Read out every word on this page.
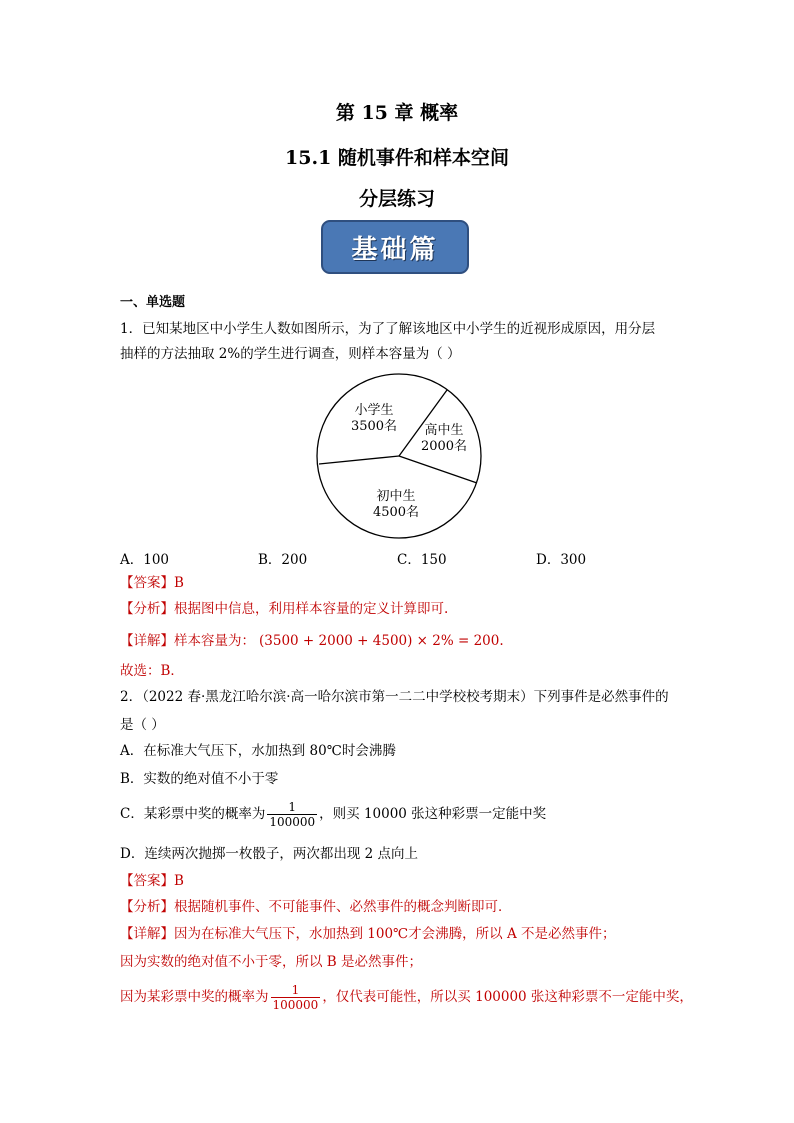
第 15 章 概率
15.1 随机事件和样本空间
分层练习
基础篇
一、单选题
1．已知某地区中小学生人数如图所示，为了了解该地区中小学生的近视形成原因，用分层
抽样的方法抽取 2%的学生进行调查，则样本容量为（ ）
小学生
3500名 高中生
2000名
初中生
4500名
A．100	B．200	C．150	D．300
【答案】B
【分析】根据图中信息，利用样本容量的定义计算即可.
【详解】样本容量为： (3500 + 2000 + 4500) × 2% = 200.
故选：B．
2．（2022 春·黑龙江哈尔滨·高一哈尔滨市第一二二中学校校考期末）下列事件是必然事件的
是（ ）
A．在标准大气压下，水加热到 80℃时会沸腾
B．实数的绝对值不小于零
C．某彩票中奖的概率为 $\frac{1}{100000}$ ，则买 10000 张这种彩票一定能中奖
D．连续两次抛掷一枚骰子，两次都出现 2 点向上
【答案】B
【分析】根据随机事件、不可能事件、必然事件的概念判断即可．
【详解】因为在标准大气压下，水加热到 100℃才会沸腾，所以 A 不是必然事件；
因为实数的绝对值不小于零，所以 B 是必然事件；
因为某彩票中奖的概率为 $\frac{1}{100000}$ ，仅代表可能性，所以买 100000 张这种彩票不一定能中奖，
